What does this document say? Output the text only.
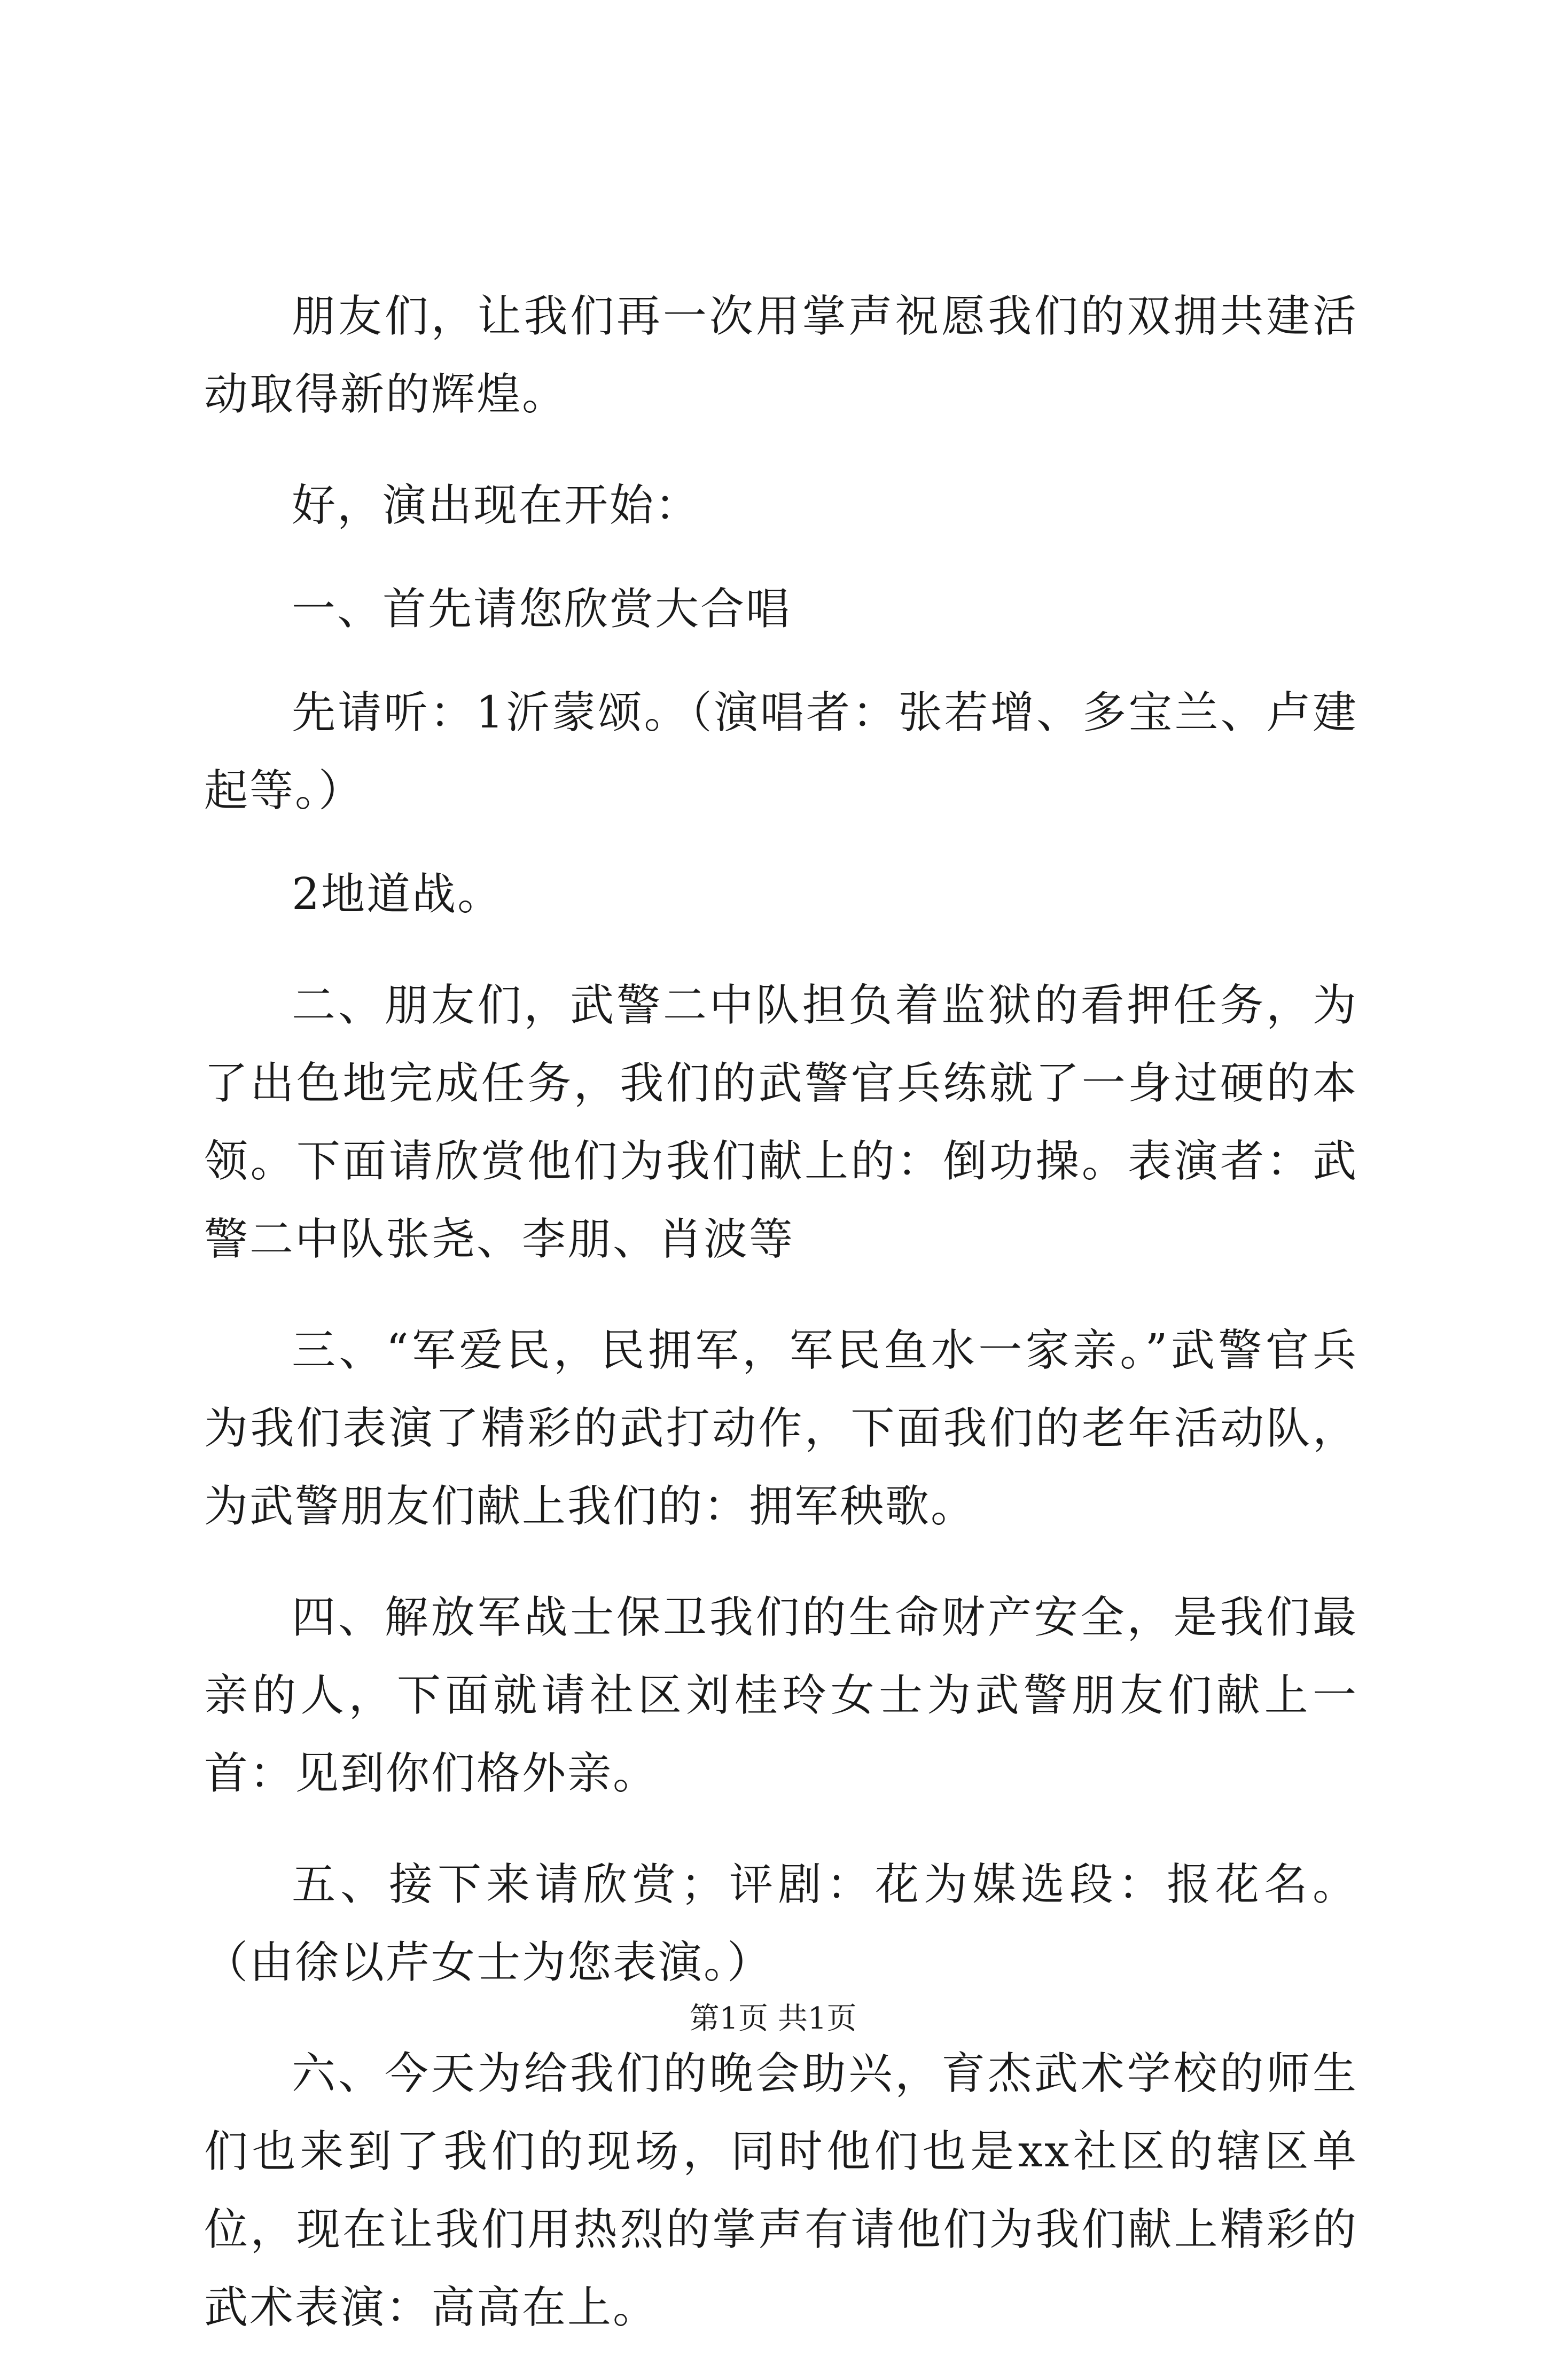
朋友们，让我们再一次用掌声祝愿我们的双拥共建活动取得新的辉煌。

好，演出现在开始：

一、首先请您欣赏大合唱

先请听：1沂蒙颂。（演唱者：张若增、多宝兰、卢建起等。）

2地道战。

二、朋友们，武警二中队担负着监狱的看押任务，为了出色地完成任务，我们的武警官兵练就了一身过硬的本领。下面请欣赏他们为我们献上的：倒功操。表演者：武警二中队张尧、李朋、肖波等

三、“军爱民，民拥军，军民鱼水一家亲。”武警官兵为我们表演了精彩的武打动作，下面我们的老年活动队，为武警朋友们献上我们的：拥军秧歌。

四、解放军战士保卫我们的生命财产安全，是我们最亲的人，下面就请社区刘桂玲女士为武警朋友们献上一首：见到你们格外亲。

五、接下来请欣赏；评剧：花为媒选段：报花名。（由徐以芹女士为您表演。）

六、今天为给我们的晚会助兴，育杰武术学校的师生们也来到了我们的现场，同时他们也是xx社区的辖区单位，现在让我们用热烈的掌声有请他们为我们献上精彩的武术表演：高高在上。

第1页 共1页
